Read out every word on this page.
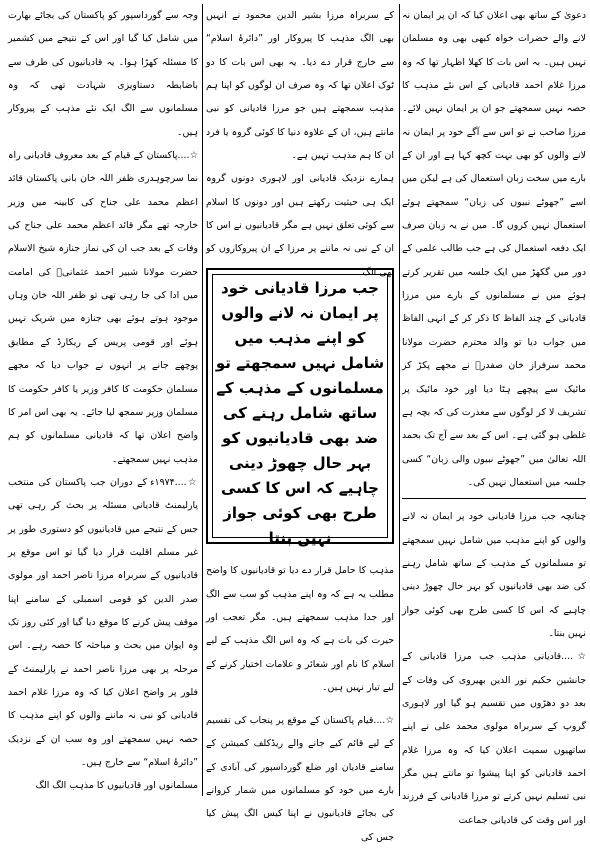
دعویٰ کے ساتھ بھی اعلان کیا کہ ان پر ایمان نہ لانے والے حضرات خواہ کبھی بھی وہ مسلمان نہیں ہیں۔ بہ اس بات کا کھلا اظہار تھا کہ وہ مرزا غلام احمد قادیانی کے اس نئے مذہب کا حصہ نہیں سمجھتے جو ان پر ایمان نہیں لائے۔ مرزا صاحب نے تو اس سے آگے خود پر ایمان نہ لانے والوں کو بھی بہت کچھ کہا ہے اور ان کے بارے میں سخت زبان استعمال کی ہے لیکن میں اسے ”جھوٹے نبیوں کی زبان“ سمجھتے ہوئے استعمال نہیں کروں گا۔ میں نے یہ زبان صرف ایک دفعہ استعمال کی ہے جب طالب علمی کے دور میں گکھڑ میں ایک جلسہ میں تقریر کرتے ہوئے میں نے مسلمانوں کے بارے میں مرزا قادیانی کے چند الفاظ کا ذکر کر کے انہی الفاظ میں جواب دیا تو والد محترم حضرت مولانا محمد سرفراز خان صفدرؒ نے مجھے پکڑ کر مائیک سے پیچھے ہٹا دیا اور خود مائیک پر تشریف لا کر لوگوں سے معذرت کی کہ بچہ ہے غلطی ہو گئی ہے۔ اس کے بعد سے آج تک بحمد اللہ تعالیٰ میں ”جھوٹے نبیوں والی زبان“ کسی جلسہ میں استعمال نہیں کی۔

چنانچہ جب مرزا قادیانی خود پر ایمان نہ لانے والوں کو اپنے مذہب میں شامل نہیں سمجھتے تو مسلمانوں کے مذہب کے ساتھ شامل رہنے کی ضد بھی قادیانیوں کو بہر حال چھوڑ دینی چاہیے کہ اس کا کسی طرح بھی کوئی جواز نہیں بنتا۔

☆....قادیانی مذہب جب مرزا قادیانی کے جانشین حکیم نور الدین بھیروی کی وفات کے بعد دو دھڑوں میں تقسیم ہو گیا اور لاہوری گروپ کے سربراہ مولوی محمد علی نے اپنے ساتھیوں سمیت اعلان کیا کہ وہ مرزا غلام احمد قادیانی کو اپنا پیشوا تو مانتے ہیں مگر نبی تسلیم نہیں کرتے تو مرزا قادیانی کے فرزند اور اس وقت کی قادیانی جماعت

کے سربراہ مرزا بشیر الدین محمود نے انہیں بھی الگ مذہب کا پیروکار اور ”دائرۂ اسلام“ سے خارج قرار دے دیا۔ یہ بھی اس بات کا دو ٹوک اعلان تھا کہ وہ صرف ان لوگوں کو اپنا ہم مذہب سمجھتے ہیں جو مرزا قادیانی کو نبی مانتے ہیں، ان کے علاوہ دنیا کا کوئی گروہ یا فرد ان کا ہم مذہب نہیں ہے۔

ہمارے نزدیک قادیانی اور لاہوری دونوں گروہ ایک ہی حیثیت رکھتے ہیں اور دونوں کا اسلام سے کوئی تعلق نہیں ہے مگر قادیانیوں نے اس کا ان کے نبی نہ ماننے پر مرزا کے ان پیروکاروں کو بھی الگ

جب مرزا قادیانی خود پر ایمان نہ لانے والوں کو اپنے مذہب میں شامل نہیں سمجھتے تو مسلمانوں کے مذہب کے ساتھ شامل رہنے کی ضد بھی قادیانیوں کو بہر حال چھوڑ دینی چاہیے کہ اس کا کسی طرح بھی کوئی جواز نہیں بنتا

مذہب کا حامل قرار دے دیا تو قادیانیوں کا واضح مطلب یہ ہے کہ وہ اپنے مذہب کو سب سے الگ اور جدا مذہب سمجھتے ہیں۔ مگر تعجب اور حیرت کی بات ہے کہ وہ اس الگ مذہب کے لیے اسلام کا نام اور شعائر و علامات اختیار کرنے کے لیے تیار نہیں ہیں۔

☆....قیام پاکستان کے موقع پر پنجاب کی تقسیم کے لیے قائم کیے جانے والے ریڈکلف کمیشن کے سامنے قادیان اور ضلع گورداسپور کی آبادی کے بارے میں خود کو مسلمانوں میں شمار کروانے کی بجائے قادیانیوں نے اپنا کیس الگ پیش کیا جس کی

وجہ سے گورداسپور کو پاکستان کی بجائے بھارت میں شامل کیا گیا اور اس کے نتیجے میں کشمیر کا مسئلہ کھڑا ہوا۔ یہ قادیانیوں کی طرف سے باضابطہ دستاویزی شہادت تھی کہ وہ مسلمانوں سے الگ ایک نئے مذہب کے پیروکار ہیں۔

☆....پاکستان کے قیام کے بعد معروف قادیانی راہ نما سرچوہدری ظفر اللہ خان بانی پاکستان قائد اعظم محمد علی جناح کی کابینہ میں وزیر خارجہ تھے مگر قائد اعظم محمد علی جناح کی وفات کے بعد جب ان کی نماز جنازہ شیخ الاسلام حضرت مولانا شبیر احمد عثمانیؒ کی امامت میں ادا کی جا رہی تھی تو ظفر اللہ خان وہاں موجود ہوتے ہوئے بھی جنازہ میں شریک نہیں ہوئے اور قومی پریس کے ریکارڈ کے مطابق پوچھے جانے پر انہوں نے جواب دیا کہ مجھے مسلمان حکومت کا کافر وزیر یا کافر حکومت کا مسلمان وزیر سمجھ لیا جائے۔ یہ بھی اس امر کا واضح اعلان تھا کہ قادیانی مسلمانوں کو ہم مذہب نہیں سمجھتے۔

☆....۱۹۷۴ء کے دوران جب پاکستان کی منتخب پارلیمنٹ قادیانی مسئلہ پر بحث کر رہی تھی جس کے نتیجے میں قادیانیوں کو دستوری طور پر غیر مسلم اقلیت قرار دیا گیا تو اس موقع پر قادیانیوں کے سربراہ مرزا ناصر احمد اور مولوی صدر الدین کو قومی اسمبلی کے سامنے اپنا موقف پیش کرنے کا موقع دیا گیا اور کئی روز تک وہ ایوان میں بحث و مباحثہ کا حصہ رہے۔ اس مرحلہ پر بھی مرزا ناصر احمد نے پارلیمنٹ کے فلور پر واضح اعلان کیا کہ وہ مرزا غلام احمد قادیانی کو نبی نہ ماننے والوں کو اپنے مذہب کا حصہ نہیں سمجھتے اور وہ سب ان کے نزدیک ”دائرۂ اسلام“ سے خارج ہیں۔

مسلمانوں اور قادیانیوں کا مذہب الگ الگ
